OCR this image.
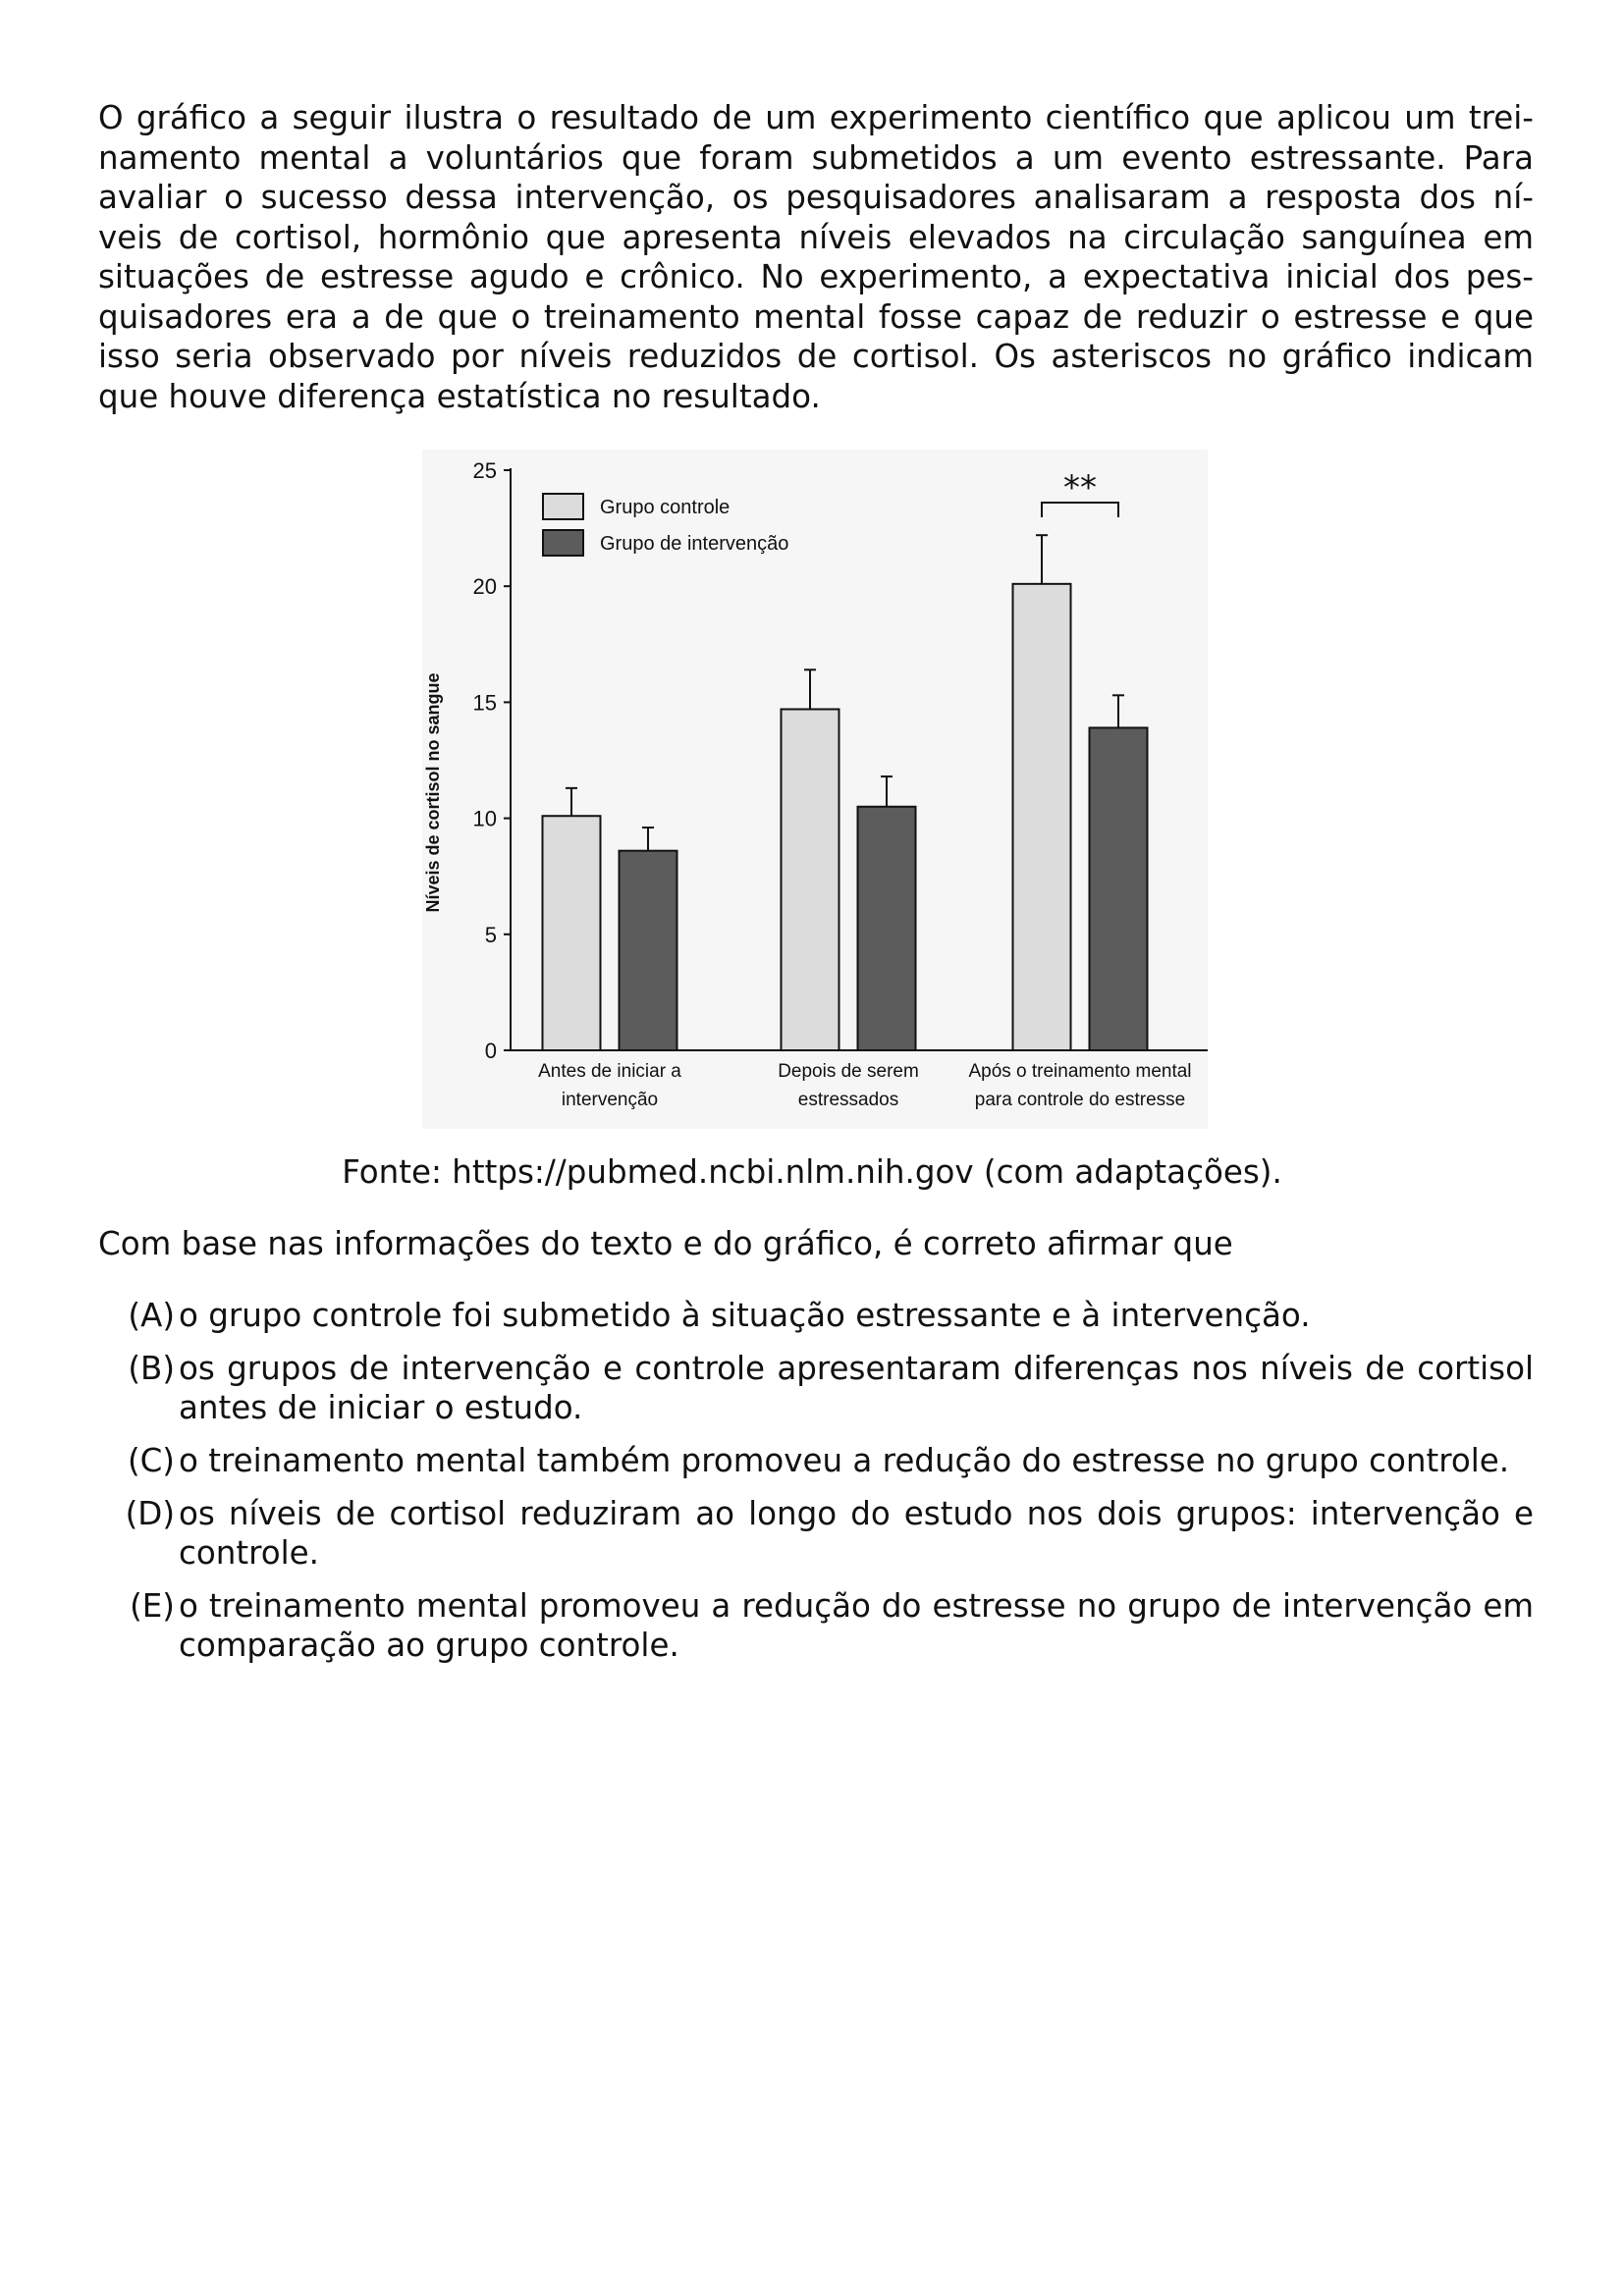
O gráfico a seguir ilustra o resultado de um experimento científico que aplicou um trei-
namento mental a voluntários que foram submetidos a um evento estressante. Para
avaliar o sucesso dessa intervenção, os pesquisadores analisaram a resposta dos ní-
veis de cortisol, hormônio que apresenta níveis elevados na circulação sanguínea em
situações de estresse agudo e crônico. No experimento, a expectativa inicial dos pes-
quisadores era a de que o treinamento mental fosse capaz de reduzir o estresse e que
isso seria observado por níveis reduzidos de cortisol. Os asteriscos no gráfico indicam
que houve diferença estatística no resultado.

0
5
10
15
20
25
Níveis de cortisol no sangue
Antes de iniciar a
intervenção
Depois de serem
estressados
Após o treinamento mental
para controle do estresse
Grupo controle
Grupo de intervenção
**
Fonte: https://pubmed.ncbi.nlm.nih.gov (com adaptações).
Com base nas informações do texto e do gráfico, é correto afirmar que
(A) o grupo controle foi submetido à situação estressante e à intervenção.
(B) os grupos de intervenção e controle apresentaram diferenças nos níveis de cortisol antes de iniciar o estudo.
(C) o treinamento mental também promoveu a redução do estresse no grupo controle.
(D) os níveis de cortisol reduziram ao longo do estudo nos dois grupos: intervenção e controle.
(E) o treinamento mental promoveu a redução do estresse no grupo de intervenção em comparação ao grupo controle.
